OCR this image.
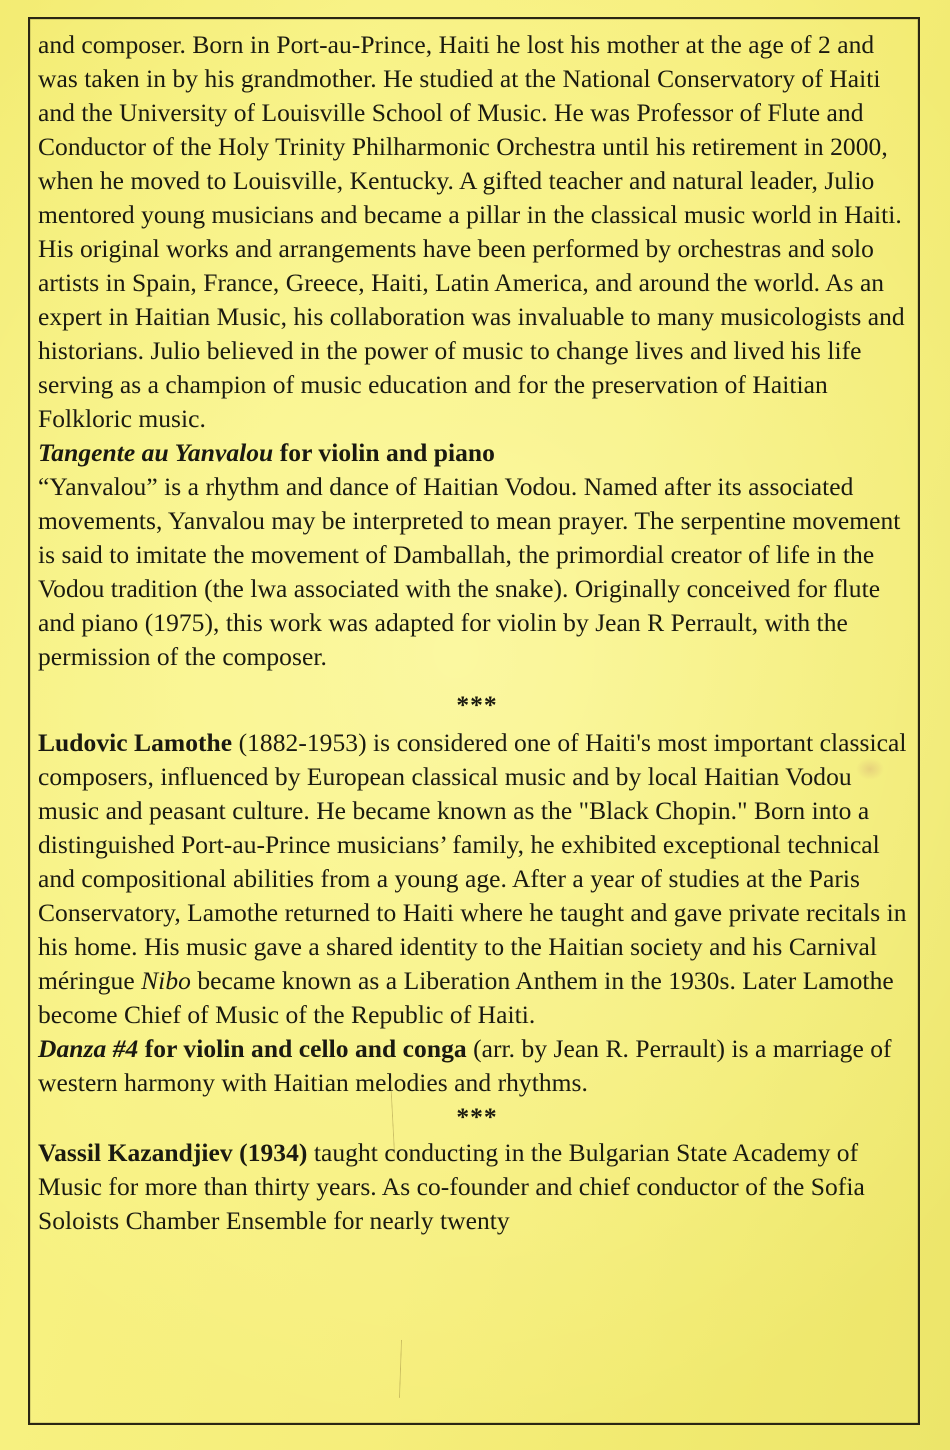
and composer. Born in Port-au-Prince, Haiti he lost his mother at the age of 2 and was taken in by his grandmother. He studied at the National Conservatory of Haiti and the University of Louisville School of Music. He was Professor of Flute and Conductor of the Holy Trinity Philharmonic Orchestra until his retirement in 2000, when he moved to Louisville, Kentucky. A gifted teacher and natural leader, Julio mentored young musicians and became a pillar in the classical music world in Haiti. His original works and arrangements have been performed by orchestras and solo artists in Spain, France, Greece, Haiti, Latin America, and around the world. As an expert in Haitian Music, his collaboration was invaluable to many musicologists and historians. Julio believed in the power of music to change lives and lived his life serving as a champion of music education and for the preservation of Haitian Folkloric music.

Tangente au Yanvalou for violin and piano

“Yanvalou” is a rhythm and dance of Haitian Vodou. Named after its associated movements, Yanvalou may be interpreted to mean prayer. The serpentine movement is said to imitate the movement of Damballah, the primordial creator of life in the Vodou tradition (the lwa associated with the snake). Originally conceived for flute and piano (1975), this work was adapted for violin by Jean R Perrault, with the permission of the composer.

***

Ludovic Lamothe (1882-1953) is considered one of Haiti's most important classical composers, influenced by European classical music and by local Haitian Vodou music and peasant culture. He became known as the "Black Chopin." Born into a distinguished Port-au-Prince musicians’ family, he exhibited exceptional technical and compositional abilities from a young age. After a year of studies at the Paris Conservatory, Lamothe returned to Haiti where he taught and gave private recitals in his home. His music gave a shared identity to the Haitian society and his Carnival méringue Nibo became known as a Liberation Anthem in the 1930s. Later Lamothe become Chief of Music of the Republic of Haiti.

Danza #4 for violin and cello and conga (arr. by Jean R. Perrault) is a marriage of western harmony with Haitian melodies and rhythms.

***

Vassil Kazandjiev (1934) taught conducting in the Bulgarian State Academy of Music for more than thirty years. As co-founder and chief conductor of the Sofia Soloists Chamber Ensemble for nearly twenty
